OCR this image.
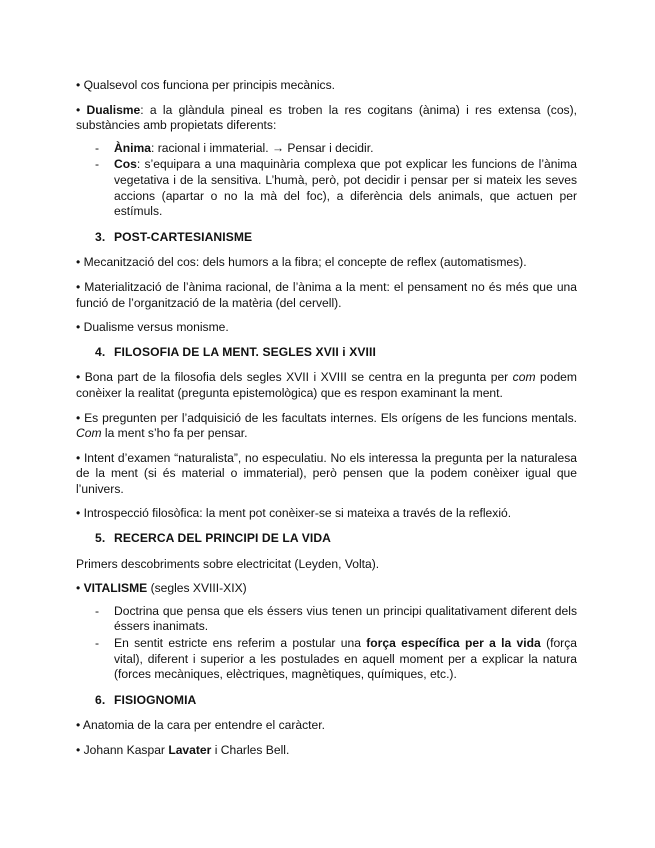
• Qualsevol cos funciona per principis mecànics.

• Dualisme: a la glàndula pineal es troben la res cogitans (ànima) i res extensa (cos), substàncies amb propietats diferents:

- Ànima: racional i immaterial. → Pensar i decidir.
- Cos: s’equipara a una maquinària complexa que pot explicar les funcions de l’ànima vegetativa i de la sensitiva. L’humà, però, pot decidir i pensar per si mateix les seves accions (apartar o no la mà del foc), a diferència dels animals, que actuen per estímuls.
3. POST-CARTESIANISME

• Mecanització del cos: dels humors a la fibra; el concepte de reflex (automatismes).

• Materialització de l’ànima racional, de l’ànima a la ment: el pensament no és més que una funció de l’organització de la matèria (del cervell).

• Dualisme versus monisme.

4. FILOSOFIA DE LA MENT. SEGLES XVII i XVIII

• Bona part de la filosofia dels segles XVII i XVIII se centra en la pregunta per com podem conèixer la realitat (pregunta epistemològica) que es respon examinant la ment.

• Es pregunten per l’adquisició de les facultats internes. Els orígens de les funcions mentals. Com la ment s’ho fa per pensar.

• Intent d’examen “naturalista”, no especulatiu. No els interessa la pregunta per la naturalesa de la ment (si és material o immaterial), però pensen que la podem conèixer igual que l’univers.

• Introspecció filosòfica: la ment pot conèixer-se si mateixa a través de la reflexió.

5. RECERCA DEL PRINCIPI DE LA VIDA

Primers descobriments sobre electricitat (Leyden, Volta).

• VITALISME (segles XVIII-XIX)

- Doctrina que pensa que els éssers vius tenen un principi qualitativament diferent dels éssers inanimats.
- En sentit estricte ens referim a postular una força específica per a la vida (força vital), diferent i superior a les postulades en aquell moment per a explicar la natura (forces mecàniques, elèctriques, magnètiques, químiques, etc.).
6. FISIOGNOMIA

• Anatomia de la cara per entendre el caràcter.

• Johann Kaspar Lavater i Charles Bell.
